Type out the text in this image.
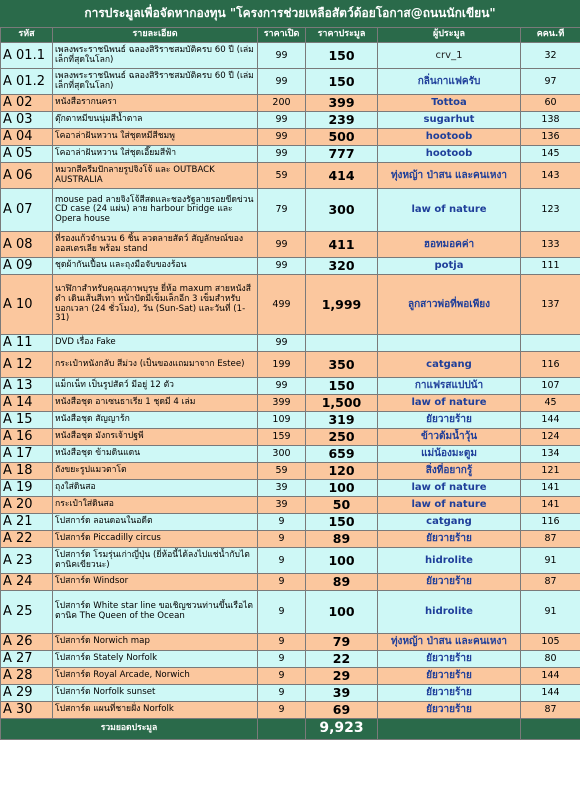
การประมูลเพื่อจัดหากองทุน "โครงการช่วยเหลือสัตว์ด้อยโอกาส@ถนนนักเขียน"
รหัส	รายละเอียด	ราคาเปิด	ราคาประมูล	ผู้ประมูล	คคน.ที่
A 01.1	เพลงพระราชนิพนธ์ ฉลองสิริราชสมบัติครบ 60 ปี (เล่มเล็กที่สุดในโลก)	99	150	crv_1	32
A 01.2	เพลงพระราชนิพนธ์ ฉลองสิริราชสมบัติครบ 60 ปี (เล่มเล็กที่สุดในโลก)	99	150	กลิ่นกาแฟครับ	97
A 02	หนังสือรากนครา	200	399	Tottoa	60
A 03	ตุ๊กตาหมีขนนุ่มสีน้ำตาล	99	239	sugarhut	138
A 04	โคอาล่าฝันหวาน ใส่ชุดหมีสีชมพู	99	500	hootoob	136
A 05	โคอาล่าฝันหวาน ใส่ชุดเอี๊ยมสีฟ้า	99	777	hootoob	145
A 06	หมวกสีครีมปักลายรูปจิงโจ้ และ OUTBACK AUSTRALIA	59	414	ทุ่งหญ้า ป่าสน และคนเหงา	143
A 07	mouse pad ลายจิงโจ้สีสดและชองรัฐลายรอยขีดข่วน CD case (24 แผ่น) ลาย harbour bridge และ Opera house	79	300	law of nature	123
A 08	ที่รองแก้วจำนวน 6 ชิ้น ลวดลายสัตว์ สัญลักษณ์ของออสเตรเลีย พร้อม stand	99	411	ฮอทมอคค่า	133
A 09	ชุดผ้ากันเปื้อน และถุงมือจับของร้อน	99	320	potja	111
A 10	นาฬิกาสำหรับคุณสุภาพบุรุษ ยี่ห้อ maxum สายหนังสีดำ เดินเส้นสีเทา หน้าปัดมีเข็มเล็กอีก 3 เข็มสำหรับบอกเวลา (24 ชั่วโมง), วัน (Sun-Sat) และวันที่ (1-31)	499	1,999	ลูกสาวพ่อที่พอเพียง	137
A 11	DVD เรื่อง Fake	99			
A 12	กระเป๋าหนังกลับ สีม่วง (เป็นของแถมมาจาก Estee)	199	350	catgang	116
A 13	แม็กเน็ท เป็นรูปสัตว์ มีอยู่ 12 ตัว	99	150	กาแฟรสแปปน้า	107
A 14	หนังสือชุด อาเซนธาเรีย 1 ชุดมี 4 เล่ม	399	1,500	law of nature	45
A 15	หนังสือชุด สัญญาร้ก	109	319	ยัยวายร้าย	144
A 16	หนังสือชุด มังกรเจ้าปฐพี	159	250	ข้าวต้มน้ำวุ้น	124
A 17	หนังสือชุด ข้ามดินแดน	300	659	แม่น้องมะตูม	134
A 18	ถังขยะรูปแมวตาโต	59	120	สิ่งที่อยากรู้	121
A 19	ถุงใส่ดินสอ	39	100	law of nature	141
A 20	กระเป๋าใส่ดินสอ	39	50	law of nature	141
A 21	โปสการ์ด ลอนดอนในอดีต	9	150	catgang	116
A 22	โปสการ์ด Piccadilly circus	9	89	ยัยวายร้าย	87
A 23	โปสการ์ด โรมรุ่นเก่าญี่ปุ่น (ยี่ห้อนี้ได้ลงไปแช่น้ำกับไตตานิคเขียวนะ)	9	100	hidrolite	91
A 24	โปสการ์ด Windsor	9	89	ยัยวายร้าย	87
A 25	โปสการ์ด White star line ขอเชิญชวนท่านขึ้นเรือไตตานิค The Queen of the Ocean	9	100	hidrolite	91
A 26	โปสการ์ด Norwich map	9	79	ทุ่งหญ้า ป่าสน และคนเหงา	105
A 27	โปสการ์ด Stately Norfolk	9	22	ยัยวายร้าย	80
A 28	โปสการ์ด Royal Arcade, Norwich	9	29	ยัยวายร้าย	144
A 29	โปสการ์ด Norfolk sunset	9	39	ยัยวายร้าย	144
A 30	โปสการ์ด แผนที่ชายฝั่ง Norfolk	9	69	ยัยวายร้าย	87
รวมยอดประมูล			9,923		
